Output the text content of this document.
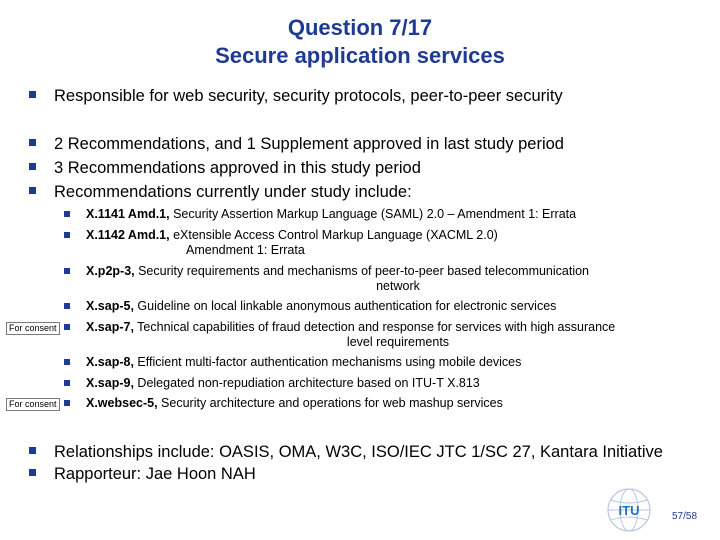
Question 7/17
Secure application services
Responsible for web security, security protocols, peer-to-peer security
2 Recommendations, and 1 Supplement approved in last study period
3 Recommendations approved in this study period
Recommendations currently under study include:
X.1141 Amd.1, Security Assertion Markup Language (SAML) 2.0 – Amendment 1: Errata
X.1142 Amd.1, eXtensible Access Control Markup Language (XACML 2.0)
Amendment 1: Errata
X.p2p-3, Security requirements and mechanisms of peer-to-peer based telecommunication
network
X.sap-5, Guideline on local linkable anonymous authentication for electronic services
X.sap-7, Technical capabilities of fraud detection and response for services with high assurance
level requirements
X.sap-8, Efficient multi-factor authentication mechanisms using mobile devices
X.sap-9, Delegated non-repudiation architecture based on ITU-T X.813
X.websec-5, Security architecture and operations for web mashup services
For consent
For consent
Relationships include: OASIS, OMA, W3C, ISO/IEC JTC 1/SC 27, Kantara Initiative
Rapporteur: Jae Hoon NAH
ITU	57/58
